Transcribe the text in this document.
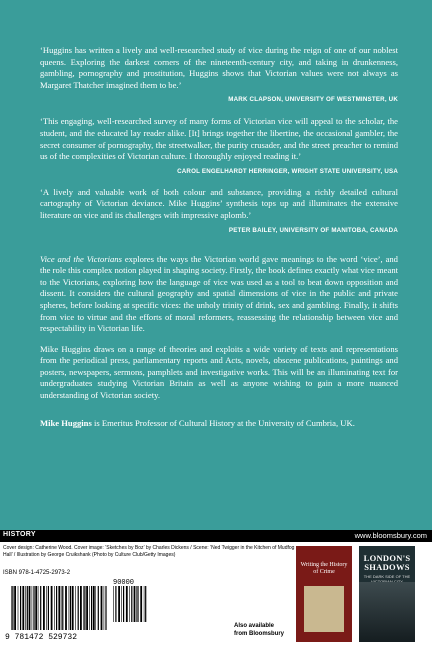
‘Huggins has written a lively and well-researched study of vice during the reign of one of our noblest queens. Exploring the darkest corners of the nineteenth-century city, and taking in drunkenness, gambling, pornography and prostitution, Huggins shows that Victorian values were not always as Margaret Thatcher imagined them to be.’

MARK CLAPSON, UNIVERSITY OF WESTMINSTER, UK

‘This engaging, well-researched survey of many forms of Victorian vice will appeal to the scholar, the student, and the educated lay reader alike. [It] brings together the libertine, the occasional gambler, the secret consumer of pornography, the streetwalker, the purity crusader, and the street preacher to remind us of the complexities of Victorian culture. I thoroughly enjoyed reading it.’

CAROL ENGELHARDT HERRINGER, WRIGHT STATE UNIVERSITY, USA

‘A lively and valuable work of both colour and substance, providing a richly detailed cultural cartography of Victorian deviance. Mike Huggins’ synthesis tops up and illuminates the extensive literature on vice and its challenges with impressive aplomb.’

PETER BAILEY, UNIVERSITY OF MANITOBA, CANADA

Vice and the Victorians explores the ways the Victorian world gave meanings to the word ‘vice’, and the role this complex notion played in shaping society. Firstly, the book defines exactly what vice meant to the Victorians, exploring how the language of vice was used as a tool to beat down opposition and dissent. It considers the cultural geography and spatial dimensions of vice in the public and private spheres, before looking at specific vices: the unholy trinity of drink, sex and gambling. Finally, it shifts from vice to virtue and the efforts of moral reformers, reassessing the relationship between vice and respectability in Victorian life.

Mike Huggins draws on a range of theories and exploits a wide variety of texts and representations from the periodical press, parliamentary reports and Acts, novels, obscene publications, paintings and posters, newspapers, sermons, pamphlets and investigative works. This will be an illuminating text for undergraduates studying Victorian Britain as well as anyone wishing to gain a more nuanced understanding of Victorian society.

Mike Huggins is Emeritus Professor of Cultural History at the University of Cumbria, UK.

HISTORY	www.bloomsbury.com
Cover design: Catherine Wood. Cover image: ‘Sketches by Boz’ by Charles Dickens / Scene: ‘Ned Twigger in the Kitchen of Mudfog Hall’ / Illustration by George Cruikshank (Photo by Culture Club/Getty Images)
ISBN 978-1-4725-2973-2
9 781472 529732
90000
Also available
from Bloomsbury
Writing the History of Crime
LONDON'S SHADOWS
THE DARK SIDE OF THE
